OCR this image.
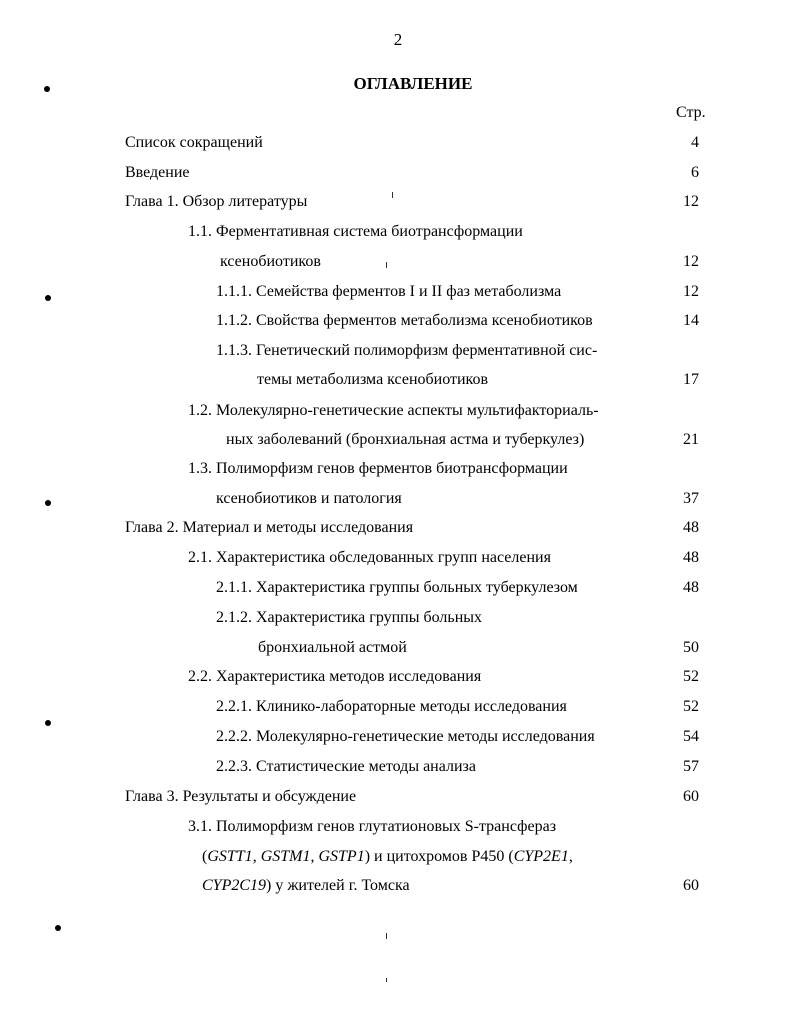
2
ОГЛАВЛЕНИЕ
Стр.
Список сокращений	4
Введение	6
Глава 1. Обзор литературы	12
1.1. Ферментативная система биотрансформации
ксенобиотиков	12
1.1.1. Семейства ферментов I и II фаз метаболизма	12
1.1.2. Свойства ферментов метаболизма ксенобиотиков	14
1.1.3. Генетический полиморфизм ферментативной сис-
темы метаболизма ксенобиотиков	17
1.2. Молекулярно-генетические аспекты мультифакториаль-
ных заболеваний (бронхиальная астма и туберкулез)	21
1.3. Полиморфизм генов ферментов биотрансформации
ксенобиотиков и патология	37
Глава 2. Материал и методы исследования	48
2.1. Характеристика обследованных групп населения	48
2.1.1. Характеристика группы больных туберкулезом	48
2.1.2. Характеристика группы больных
бронхиальной астмой	50
2.2. Характеристика методов исследования	52
2.2.1. Клинико-лабораторные методы исследования	52
2.2.2. Молекулярно-генетические методы исследования	54
2.2.3. Статистические методы анализа	57
Глава 3. Результаты и обсуждение	60
3.1. Полиморфизм генов глутатионовых S-трансфераз
(GSTT1, GSTM1, GSTP1) и цитохромов Р450 (CYP2E1,
CYP2C19) у жителей г. Томска	60
